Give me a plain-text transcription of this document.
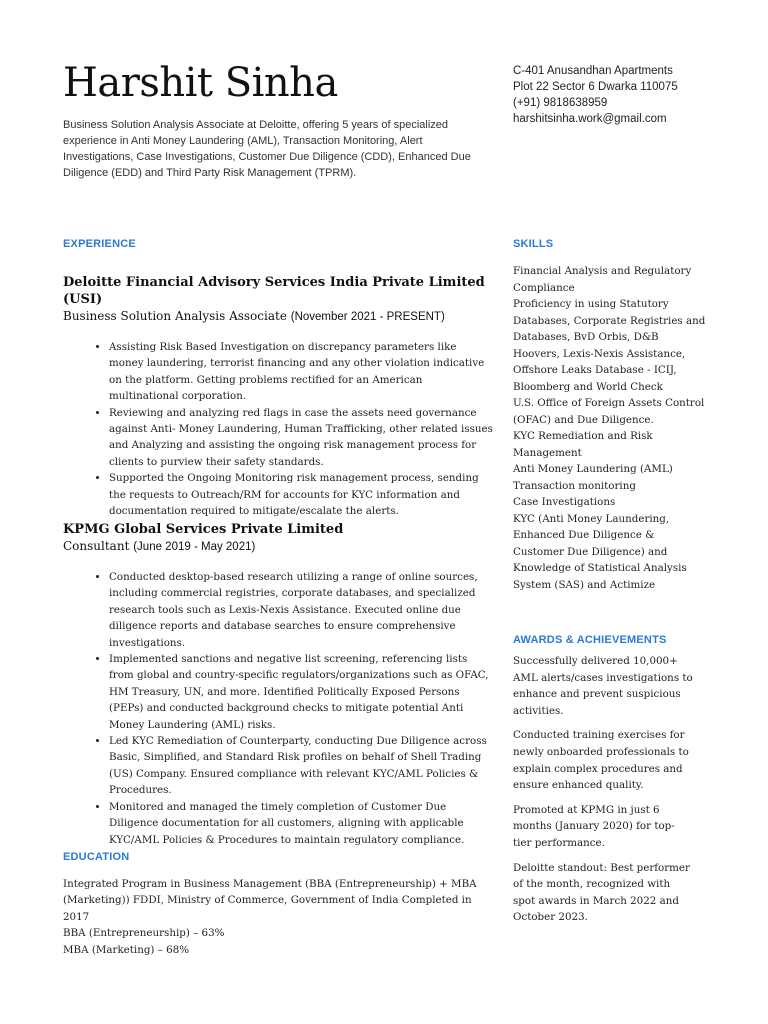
Harshit Sinha

Business Solution Analysis Associate at Deloitte, offering 5 years of specialized experience in Anti Money Laundering (AML), Transaction Monitoring, Alert Investigations, Case Investigations, Customer Due Diligence (CDD), Enhanced Due Diligence (EDD) and Third Party Risk Management (TPRM).

C-401 Anusandhan Apartments
Plot 22 Sector 6 Dwarka 110075
(+91) 9818638959
harshitsinha.work@gmail.com
EXPERIENCE
Deloitte Financial Advisory Services India Private Limited (USI)
Business Solution Analysis Associate (November 2021 - PRESENT)
• Assisting Risk Based Investigation on discrepancy parameters like money laundering, terrorist financing and any other violation indicative on the platform. Getting problems rectified for an American multinational corporation.
• Reviewing and analyzing red flags in case the assets need governance against Anti- Money Laundering, Human Trafficking, other related issues and Analyzing and assisting the ongoing risk management process for clients to purview their safety standards.
• Supported the Ongoing Monitoring risk management process, sending the requests to Outreach/RM for accounts for KYC information and documentation required to mitigate/escalate the alerts.
KPMG Global Services Private Limited
Consultant (June 2019 - May 2021)
• Conducted desktop-based research utilizing a range of online sources, including commercial registries, corporate databases, and specialized research tools such as Lexis-Nexis Assistance. Executed online due diligence reports and database searches to ensure comprehensive investigations.
• Implemented sanctions and negative list screening, referencing lists from global and country-specific regulators/organizations such as OFAC, HM Treasury, UN, and more. Identified Politically Exposed Persons (PEPs) and conducted background checks to mitigate potential Anti Money Laundering (AML) risks.
• Led KYC Remediation of Counterparty, conducting Due Diligence across Basic, Simplified, and Standard Risk profiles on behalf of Shell Trading (US) Company. Ensured compliance with relevant KYC/AML Policies & Procedures.
• Monitored and managed the timely completion of Customer Due Diligence documentation for all customers, aligning with applicable KYC/AML Policies & Procedures to maintain regulatory compliance.
EDUCATION
Integrated Program in Business Management (BBA (Entrepreneurship) + MBA (Marketing)) FDDI, Ministry of Commerce, Government of India Completed in 2017
BBA (Entrepreneurship) – 63%
MBA (Marketing) – 68%
SKILLS
Financial Analysis and Regulatory Compliance
Proficiency in using Statutory Databases, Corporate Registries and Databases, BvD Orbis, D&B Hoovers, Lexis-Nexis Assistance, Offshore Leaks Database - ICIJ, Bloomberg and World Check
U.S. Office of Foreign Assets Control (OFAC) and Due Diligence.
KYC Remediation and Risk Management
Anti Money Laundering (AML)
Transaction monitoring
Case Investigations
KYC (Anti Money Laundering, Enhanced Due Diligence & Customer Due Diligence) and Knowledge of Statistical Analysis System (SAS) and Actimize
AWARDS & ACHIEVEMENTS

Successfully delivered 10,000+ AML alerts/cases investigations to enhance and prevent suspicious activities.

Conducted training exercises for newly onboarded professionals to explain complex procedures and ensure enhanced quality.

Promoted at KPMG in just 6 months (January 2020) for top-tier performance.

Deloitte standout: Best performer of the month, recognized with spot awards in March 2022 and October 2023.
